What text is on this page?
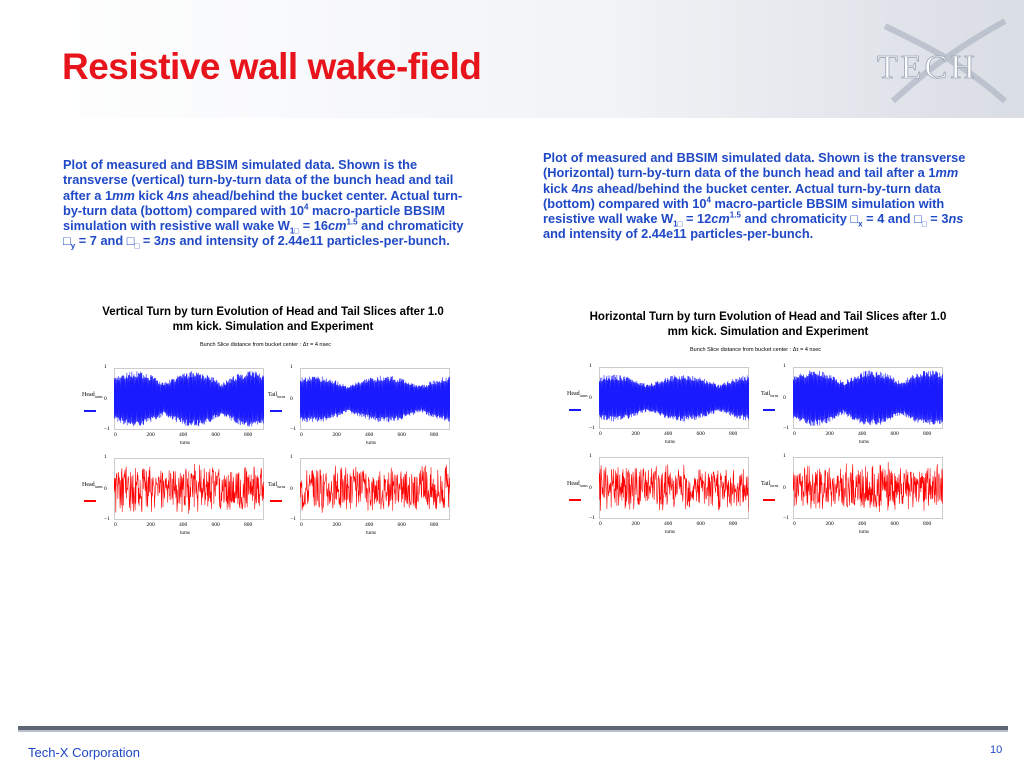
Resistive wall wake-field	TECH
Plot of measured and BBSIM simulated data. Shown is the transverse (vertical) turn-by-turn data of the bunch head and tail after a 1mm kick 4ns ahead/behind the bucket center. Actual turn-by-turn data (bottom) compared with $10^4$ macro-particle BBSIM simulation with resistive wall wake $W_{1□} = 16cm^{1.5}$ and chromaticity $□_y = 7$ and $□_□ = 3ns$ and intensity of 2.44e11 particles-per-bunch.
Plot of measured and BBSIM simulated data. Shown is the transverse (Horizontal) turn-by-turn data of the bunch head and tail after a 1mm kick 4ns ahead/behind the bucket center. Actual turn-by-turn data (bottom) compared with $10^4$ macro-particle BBSIM simulation with resistive wall wake $W_{1□} = 12cm^{1.5}$ and chromaticity $□_x = 4$ and $□_□ = 3ns$ and intensity of 2.44e11 particles-per-bunch.
Vertical Turn by turn Evolution of Head and Tail Slices after 1.0 mm kick. Simulation and Experiment
Bunch Slice distance from bucket center : Δτ = 4 nsec
Head$_{turns}$
1
0
−1
0	200	400	600	800
turns
Tail$_{turns}$
1
0
−1
0	200	400	600	800
turns
Head$_{turns}$
1
0
−1
0	200	400	600	800
turns
Tail$_{turns}$
1
0
−1
0	200	400	600	800
turns
Horizontal Turn by turn Evolution of Head and Tail Slices after 1.0 mm kick. Simulation and Experiment
Bunch Slice distance from bucket center : Δτ = 4 nsec
Head$_{turns}$
1
0
−1
0	200	400	600	800
turns
Tail$_{turns}$
1
0
−1
0	200	400	600	800
turns
Head$_{turns}$
1
0
−1
0	200	400	600	800
turns
Tail$_{turns}$
1
0
−1
0	200	400	600	800
turns
Tech-X Corporation	10
